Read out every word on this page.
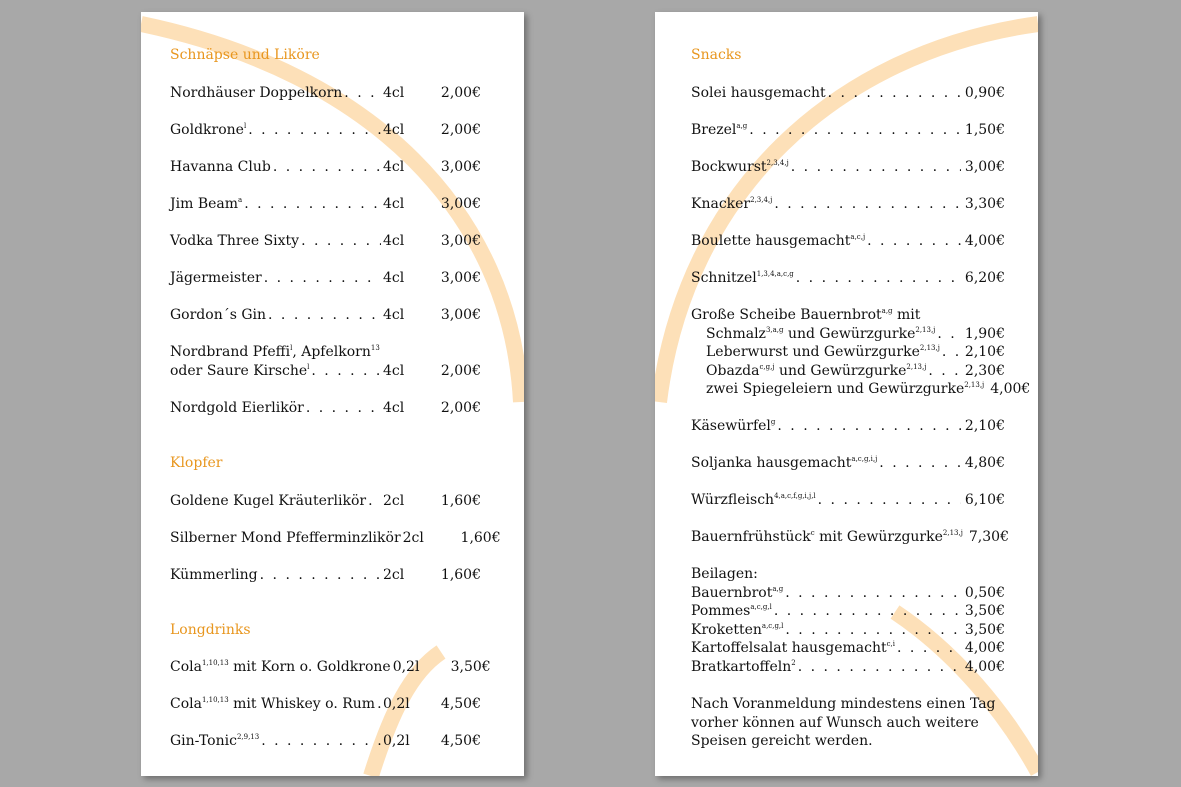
Schnäpse und Liköre
Nordhäuser Doppelkorn . . .	4cl	2,00€
Goldkrone$^l$ . . .	4cl	2,00€
Havanna Club . . .	4cl	3,00€
Jim Beam$^a$ . . .	4cl	3,00€
Vodka Three Sixty . . .	4cl	3,00€
Jägermeister . . .	4cl	3,00€
Gordon´s Gin . . .	4cl	3,00€
Nordbrand Pfeffi$^l$, Apfelkorn$^{13}$
oder Saure Kirsche$^l$ . . .	4cl	2,00€
Nordgold Eierlikör . . .	4cl	2,00€
Klopfer
Goldene Kugel Kräuterlikör . . . 2cl	1,60€
Silberner Mond Pfefferminzlikör 2cl	1,60€
Kümmerling . . .	2cl	1,60€
Longdrinks
Cola$^{1,10,13}$ mit Korn o. Goldkrone 0,2l	3,50€
Cola$^{1,10,13}$ mit Whiskey o. Rum . . . 0,2l	4,50€
Gin-Tonic$^{2,9,13}$ . . .	0,2l	4,50€
Snacks
Solei hausgemacht . . .	0,90€
Brezel$^{a,g}$ . . .	1,50€
Bockwurst$^{2,3,4,j}$ . . .	3,00€
Knacker$^{2,3,4,j}$ . . .	3,30€
Boulette hausgemacht$^{a,c,j}$ . . .	4,00€
Schnitzel$^{1,3,4,a,c,g}$ . . .	6,20€
Große Scheibe Bauernbrot$^{a,g}$ mit
Schmalz$^{3,a,g}$ und Gewürzgurke$^{2,13,j}$ . . . 1,90€
Leberwurst und Gewürzgurke$^{2,13,j}$ . . . 2,10€
Obazda$^{c,g,j}$ und Gewürzgurke$^{2,13,j}$ . . .	2,30€
zwei Spiegeleiern und Gewürzgurke$^{2,13,j}$ 4,00€
Käsewürfel$^g$ . . .	2,10€
Soljanka hausgemacht$^{a,c,g,i,j}$ . . .	4,80€
Würzfleisch$^{4,a,c,f,g,i,j,l}$ . . .	6,10€
Bauernfrühstück$^c$ mit Gewürzgurke$^{2,13,j}$ 7,30€
Beilagen:
Bauernbrot$^{a,g}$ . . .	0,50€
Pommes$^{a,c,g,l}$ . . .	3,50€
Kroketten$^{a,c,g,l}$ . . .	3,50€
Kartoffelsalat hausgemacht$^{c,i}$ . . .	4,00€
Bratkartoffeln$^2$ . . .	4,00€
Nach Voranmeldung mindestens einen Tag
vorher können auf Wunsch auch weitere
Speisen gereicht werden.
